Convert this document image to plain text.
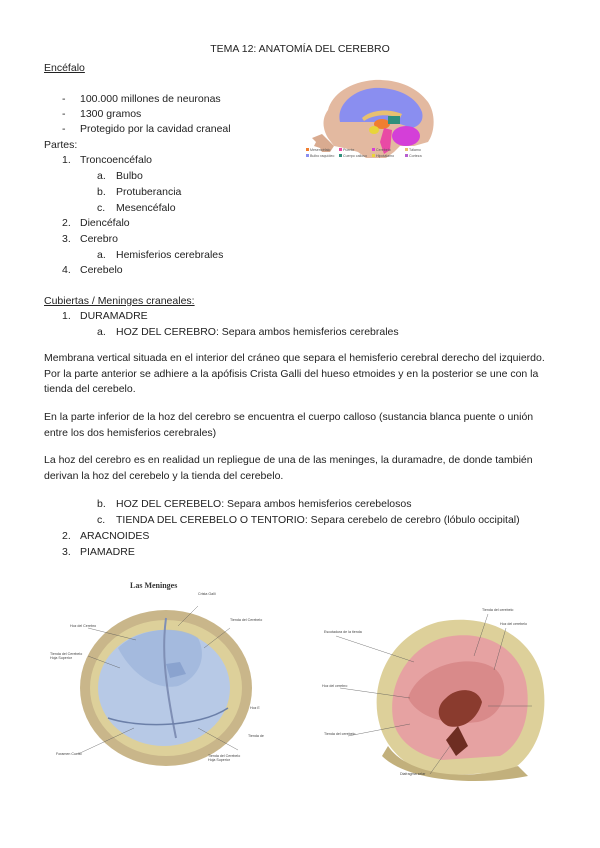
TEMA 12: ANATOMÍA DEL CEREBRO
Encéfalo
- 100.000 millones de neuronas
- 1300 gramos
- Protegido por la cavidad craneal
Partes:
1. Troncoencéfalo
a. Bulbo
b. Protuberancia
c. Mesencéfalo
2. Diencéfalo
3. Cerebro
a. Hemisferios cerebrales
4. Cerebelo
Mesencéfalo	Puente	Cerebelo	Tálamo
Bulbo raquídeo Cuerpo calloso	Hipotálamo	Corteza
Cubiertas / Meninges craneales:
1. DURAMADRE
a. HOZ DEL CEREBRO: Separa ambos hemisferios cerebrales
Membrana vertical situada en el interior del cráneo que separa el hemisferio cerebral derecho del izquierdo. Por la parte anterior se adhiere a la apófisis Crista Galli del hueso etmoides y en la posterior se une con la tienda del cerebelo.
En la parte inferior de la hoz del cerebro se encuentra el cuerpo calloso (sustancia blanca puente o unión entre los dos hemisferios cerebrales)
La hoz del cerebro es en realidad un repliegue de una de las meninges, la duramadre, de donde también derivan la hoz del cerebelo y la tienda del cerebelo.
b. HOZ DEL CEREBELO: Separa ambos hemisferios cerebelosos
c. TIENDA DEL CEREBELO O TENTORIO: Separa cerebelo de cerebro (lóbulo occipital)
2. ARACNOIDES
3. PIAMADRE
Las Meninges
Crista Galli
Hoz del Cerebro
Tienda del Cerebelo
Tienda del Cerebelo Hoja Superior
Hoz E
Tienda de
Foramen Cuello	Tienda del Cerebelo Hoja Superior
Tienda del cerebelo
Hoz del cerebelo
Escotadura de la tienda
Hoz del cerebro
Tienda del cerebelo
Diafragma selar
